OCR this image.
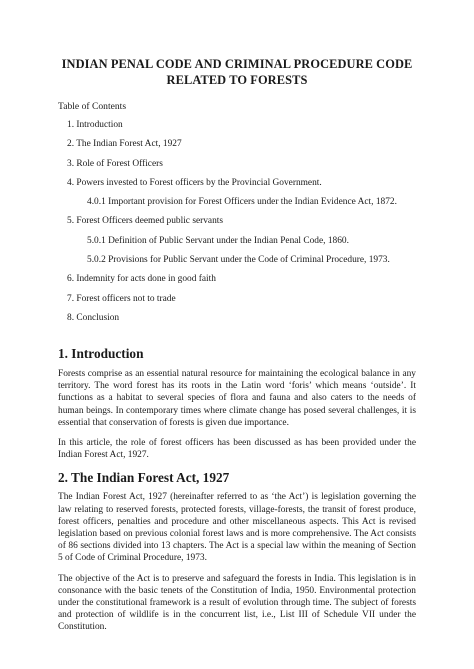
INDIAN PENAL CODE AND CRIMINAL PROCEDURE CODE
RELATED TO FORESTS
Table of Contents
1. Introduction
2. The Indian Forest Act, 1927
3. Role of Forest Officers
4. Powers invested to Forest officers by the Provincial Government.
4.0.1 Important provision for Forest Officers under the Indian Evidence Act, 1872.
5. Forest Officers deemed public servants
5.0.1 Definition of Public Servant under the Indian Penal Code, 1860.
5.0.2 Provisions for Public Servant under the Code of Criminal Procedure, 1973.
6. Indemnity for acts done in good faith
7. Forest officers not to trade
8. Conclusion
1. Introduction

Forests comprise as an essential natural resource for maintaining the ecological balance in any territory. The word forest has its roots in the Latin word ‘foris’ which means ‘outside’. It functions as a habitat to several species of flora and fauna and also caters to the needs of human beings. In contemporary times where climate change has posed several challenges, it is essential that conservation of forests is given due importance.

In this article, the role of forest officers has been discussed as has been provided under the Indian Forest Act, 1927.

2. The Indian Forest Act, 1927

The Indian Forest Act, 1927 (hereinafter referred to as ‘the Act’) is legislation governing the law relating to reserved forests, protected forests, village-forests, the transit of forest produce, forest officers, penalties and procedure and other miscellaneous aspects. This Act is revised legislation based on previous colonial forest laws and is more comprehensive. The Act consists of 86 sections divided into 13 chapters. The Act is a special law within the meaning of Section 5 of Code of Criminal Procedure, 1973.

The objective of the Act is to preserve and safeguard the forests in India. This legislation is in consonance with the basic tenets of the Constitution of India, 1950. Environmental protection under the constitutional framework is a result of evolution through time. The subject of forests and protection of wildlife is in the concurrent list, i.e., List III of Schedule VII under the Constitution.
